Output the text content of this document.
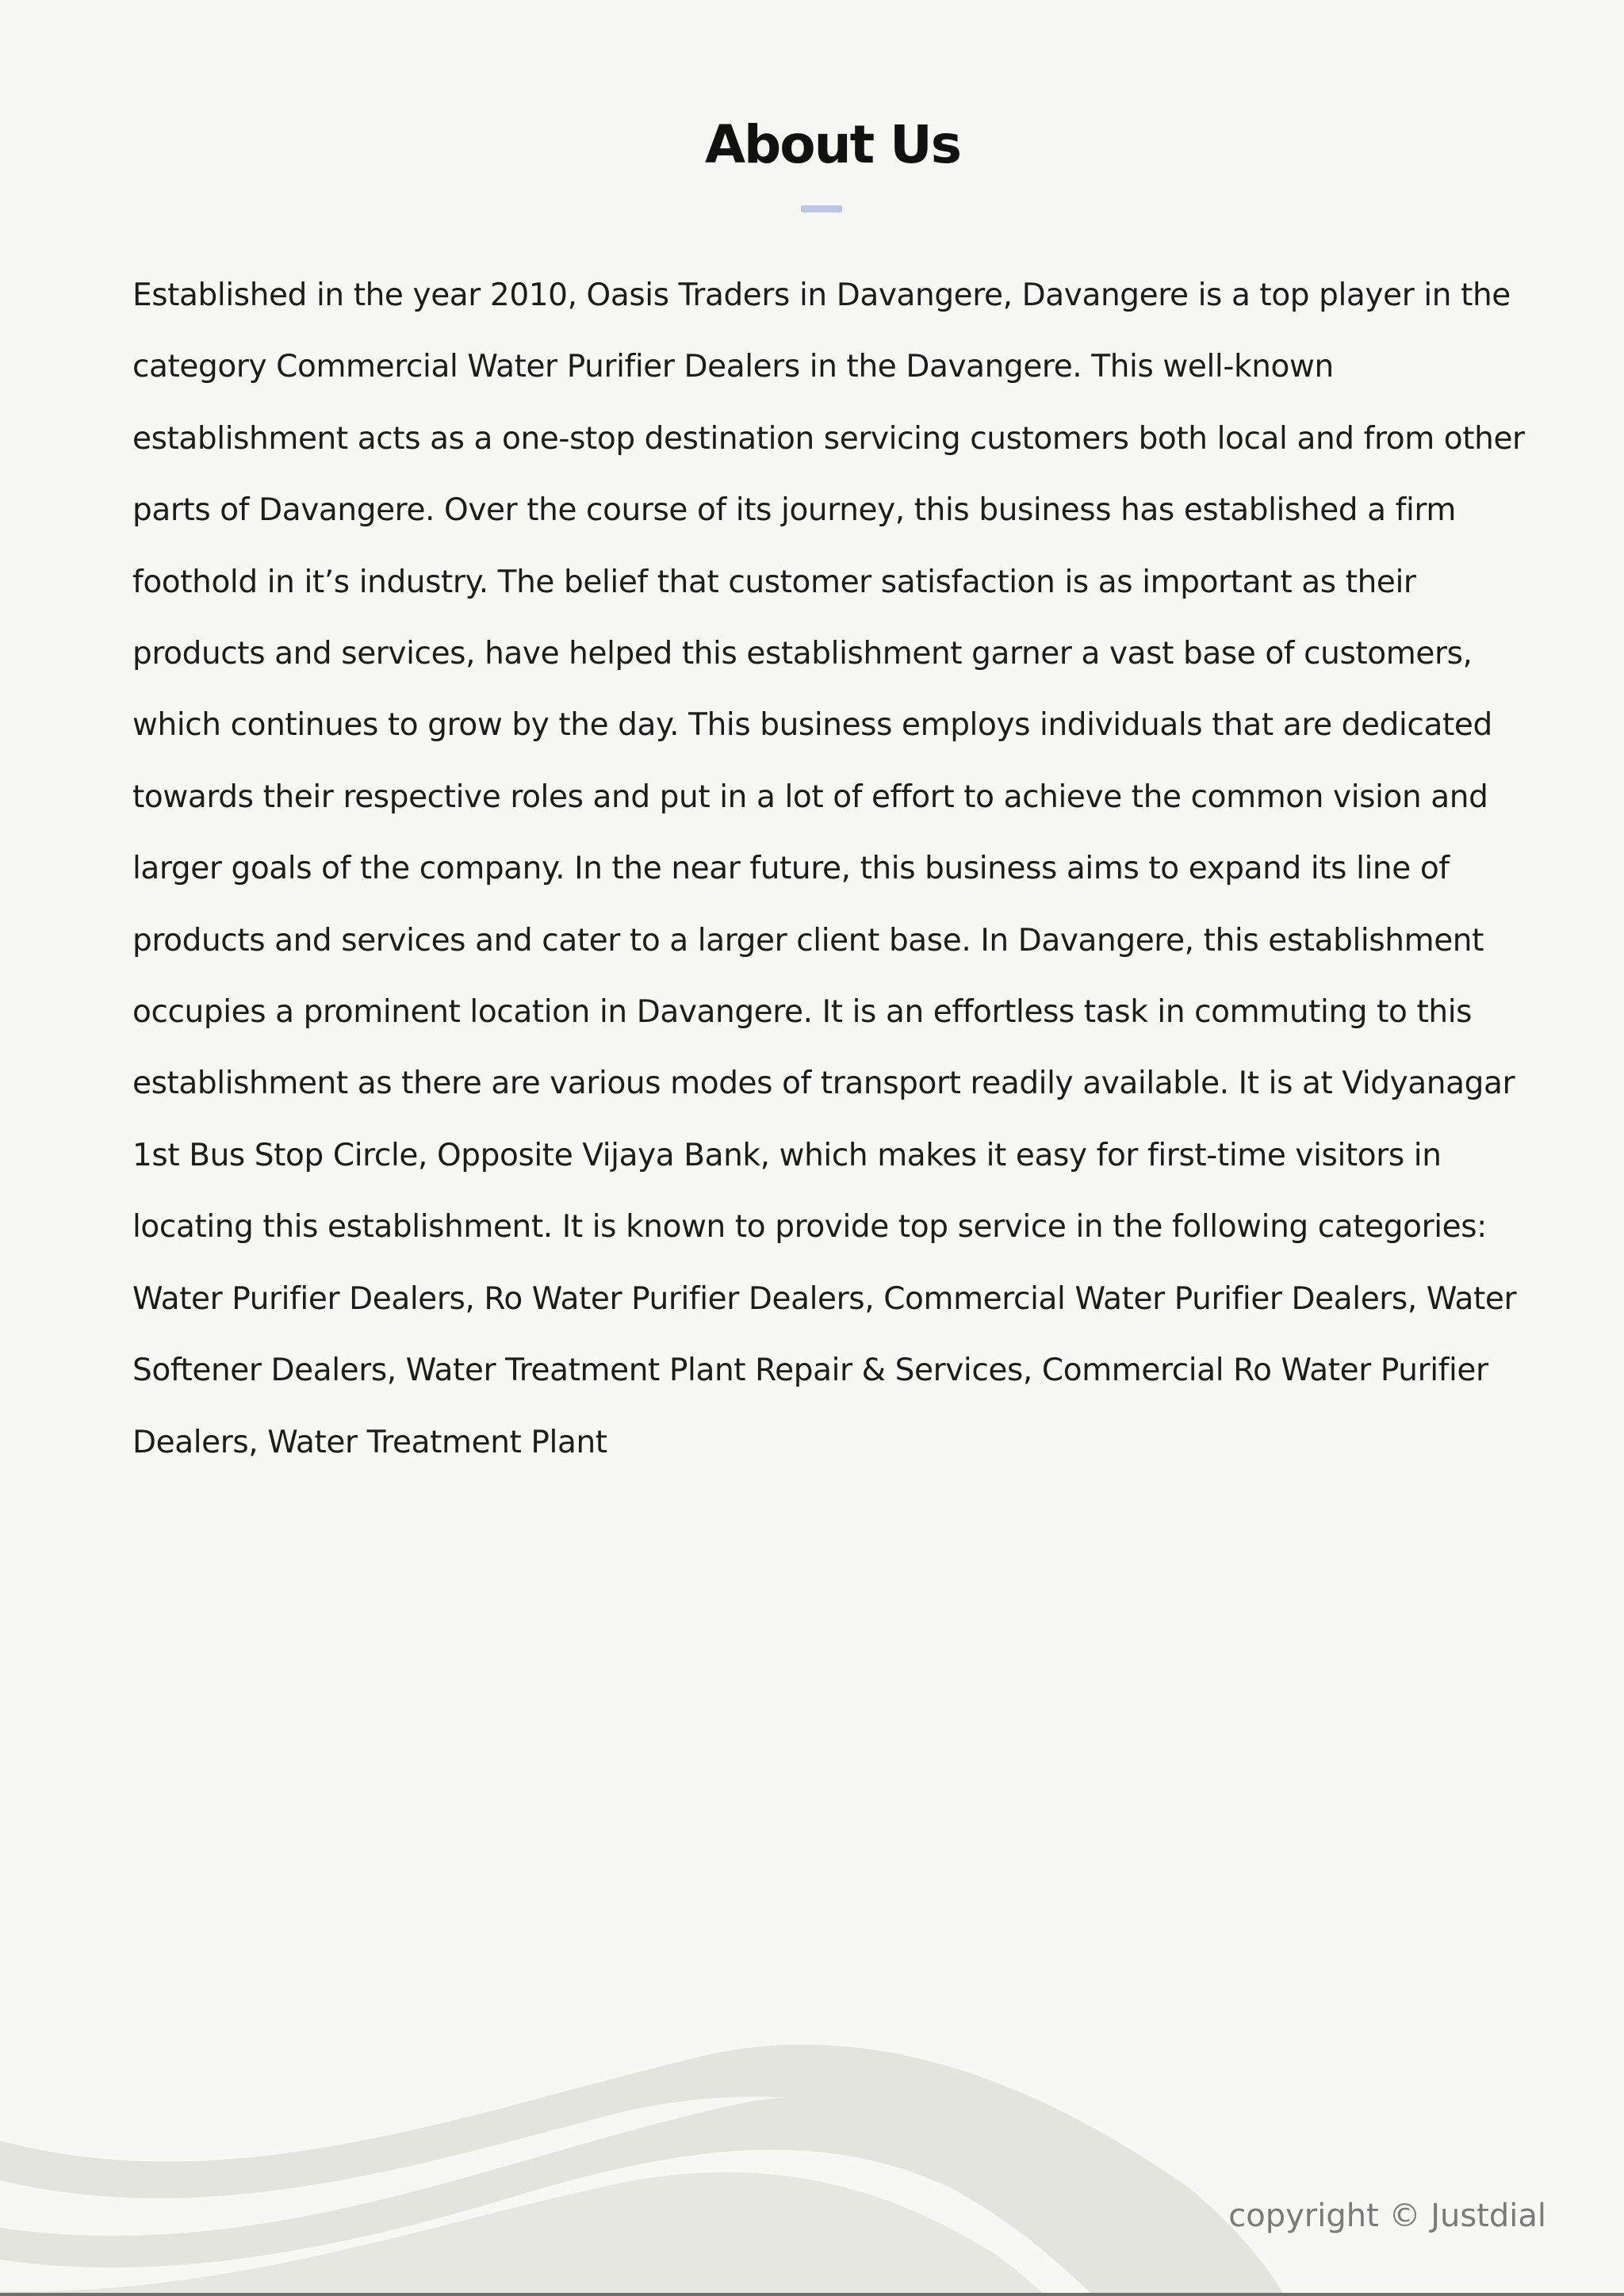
About Us

Established in the year 2010, Oasis Traders in Davangere, Davangere is a top player in the category Commercial Water Purifier Dealers in the Davangere. This well-known establishment acts as a one-stop destination servicing customers both local and from other parts of Davangere. Over the course of its journey, this business has established a firm foothold in it’s industry. The belief that customer satisfaction is as important as their products and services, have helped this establishment garner a vast base of customers, which continues to grow by the day. This business employs individuals that are dedicated towards their respective roles and put in a lot of effort to achieve the common vision and larger goals of the company. In the near future, this business aims to expand its line of products and services and cater to a larger client base. In Davangere, this establishment occupies a prominent location in Davangere. It is an effortless task in commuting to this establishment as there are various modes of transport readily available. It is at Vidyanagar 1st Bus Stop Circle, Opposite Vijaya Bank, which makes it easy for first-time visitors in locating this establishment. It is known to provide top service in the following categories: Water Purifier Dealers, Ro Water Purifier Dealers, Commercial Water Purifier Dealers, Water Softener Dealers, Water Treatment Plant Repair & Services, Commercial Ro Water Purifier Dealers, Water Treatment Plant

copyright © Justdial
